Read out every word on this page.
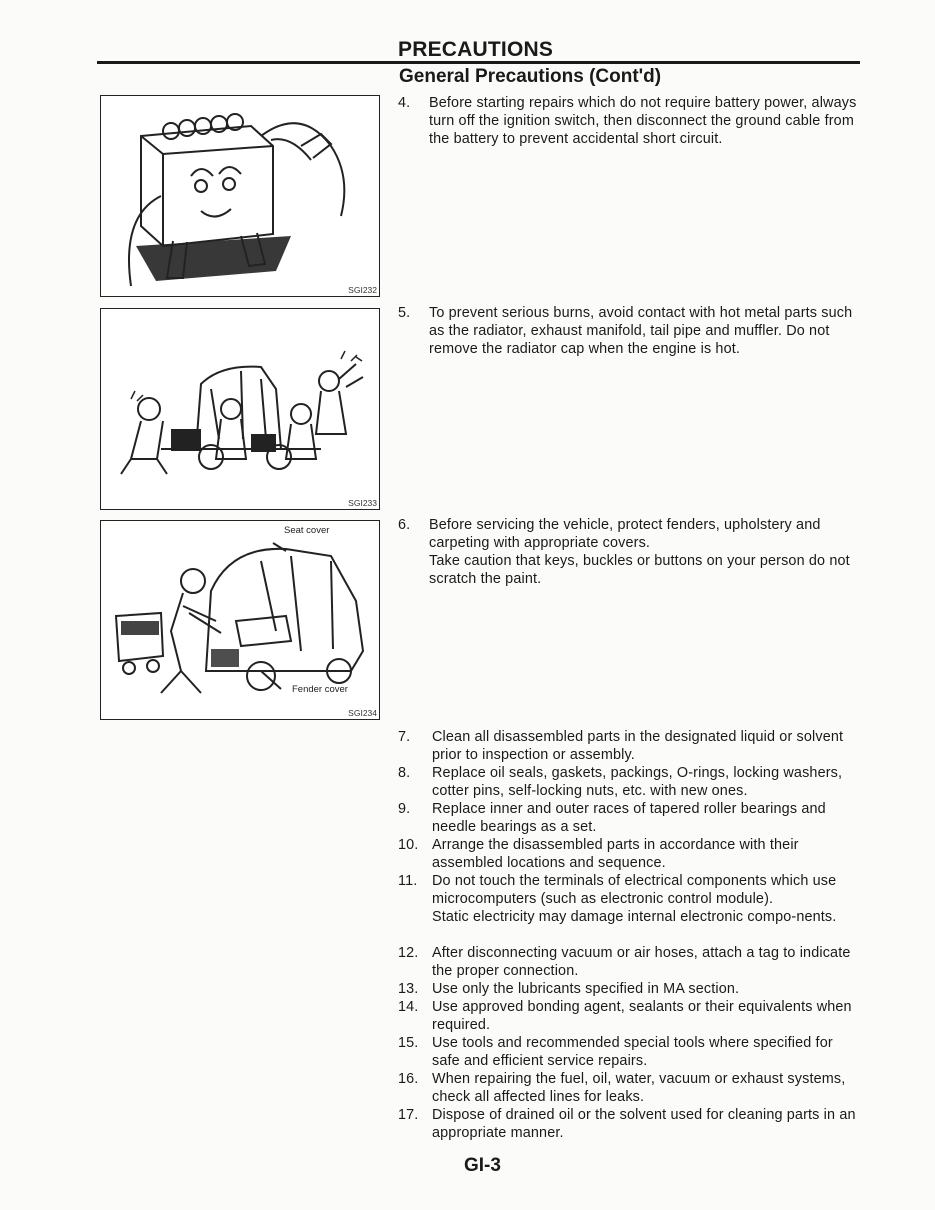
PRECAUTIONS
General Precautions (Cont'd)
SGI232
SGI233
Seat cover
Fender cover
SGI234
4.	Before starting repairs which do not require battery power, always turn off the ignition switch, then disconnect the ground cable from the battery to prevent accidental short circuit.
5.	To prevent serious burns, avoid contact with hot metal parts such as the radiator, exhaust manifold, tail pipe and muffler. Do not remove the radiator cap when the engine is hot.
6.	Before servicing the vehicle, protect fenders, upholstery and carpeting with appropriate covers.
Take caution that keys, buckles or buttons on your person do not scratch the paint.
7.	Clean all disassembled parts in the designated liquid or solvent prior to inspection or assembly.
8.	Replace oil seals, gaskets, packings, O-rings, locking washers, cotter pins, self-locking nuts, etc. with new ones.
9.	Replace inner and outer races of tapered roller bearings and needle bearings as a set.
10. Arrange the disassembled parts in accordance with their assembled locations and sequence.
11.	Do not touch the terminals of electrical components which use microcomputers (such as electronic control module).
Static electricity may damage internal electronic compo-nents.
12. After disconnecting vacuum or air hoses, attach a tag to indicate the proper connection.
13. Use only the lubricants specified in MA section.
14. Use approved bonding agent, sealants or their equivalents when required.
15. Use tools and recommended special tools where specified for safe and efficient service repairs.
16. When repairing the fuel, oil, water, vacuum or exhaust systems, check all affected lines for leaks.
17. Dispose of drained oil or the solvent used for cleaning parts in an appropriate manner.
GI-3
